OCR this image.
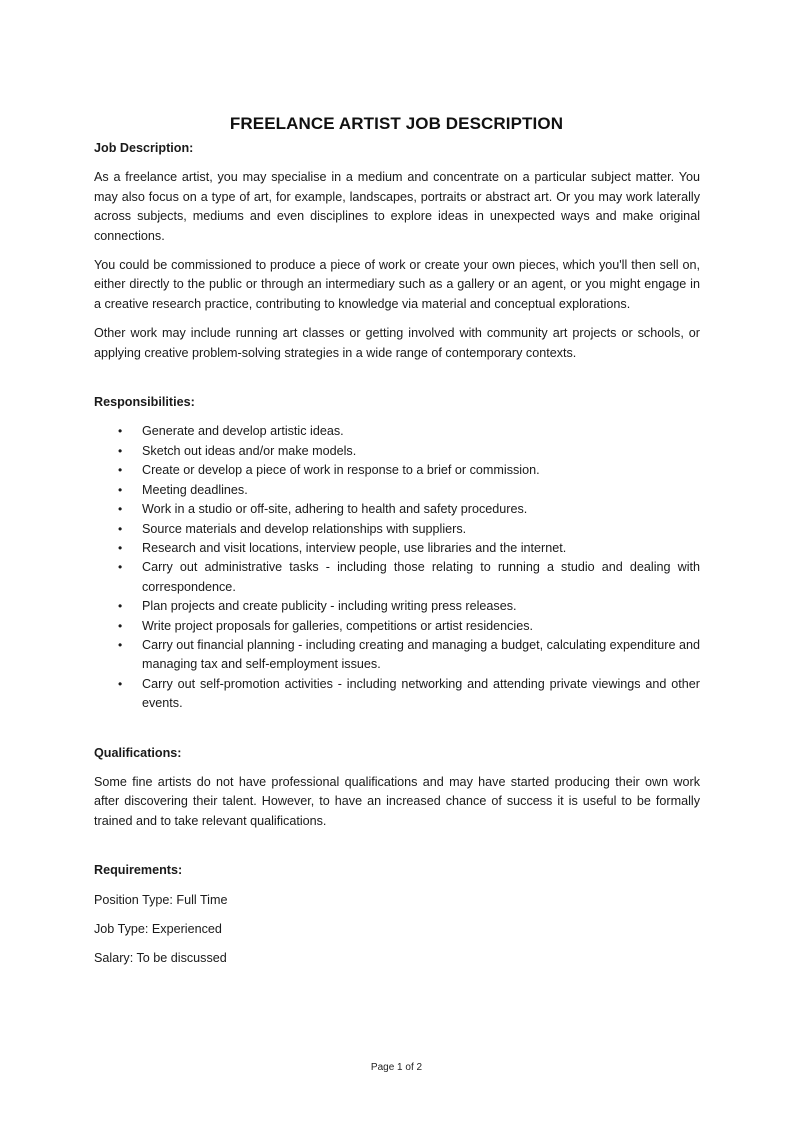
FREELANCE ARTIST JOB DESCRIPTION

Job Description:

As a freelance artist, you may specialise in a medium and concentrate on a particular subject matter. You may also focus on a type of art, for example, landscapes, portraits or abstract art. Or you may work laterally across subjects, mediums and even disciplines to explore ideas in unexpected ways and make original connections.

You could be commissioned to produce a piece of work or create your own pieces, which you'll then sell on, either directly to the public or through an intermediary such as a gallery or an agent, or you might engage in a creative research practice, contributing to knowledge via material and conceptual explorations.

Other work may include running art classes or getting involved with community art projects or schools, or applying creative problem-solving strategies in a wide range of contemporary contexts.

Responsibilities:

• Generate and develop artistic ideas.
• Sketch out ideas and/or make models.
• Create or develop a piece of work in response to a brief or commission.
• Meeting deadlines.
• Work in a studio or off-site, adhering to health and safety procedures.
• Source materials and develop relationships with suppliers.
• Research and visit locations, interview people, use libraries and the internet.
• Carry out administrative tasks - including those relating to running a studio and dealing with correspondence.
• Plan projects and create publicity - including writing press releases.
• Write project proposals for galleries, competitions or artist residencies.
• Carry out financial planning - including creating and managing a budget, calculating expenditure and managing tax and self-employment issues.
• Carry out self-promotion activities - including networking and attending private viewings and other events.

Qualifications:

Some fine artists do not have professional qualifications and may have started producing their own work after discovering their talent. However, to have an increased chance of success it is useful to be formally trained and to take relevant qualifications.

Requirements:

Position Type: Full Time

Job Type: Experienced

Salary: To be discussed

Page 1 of 2
